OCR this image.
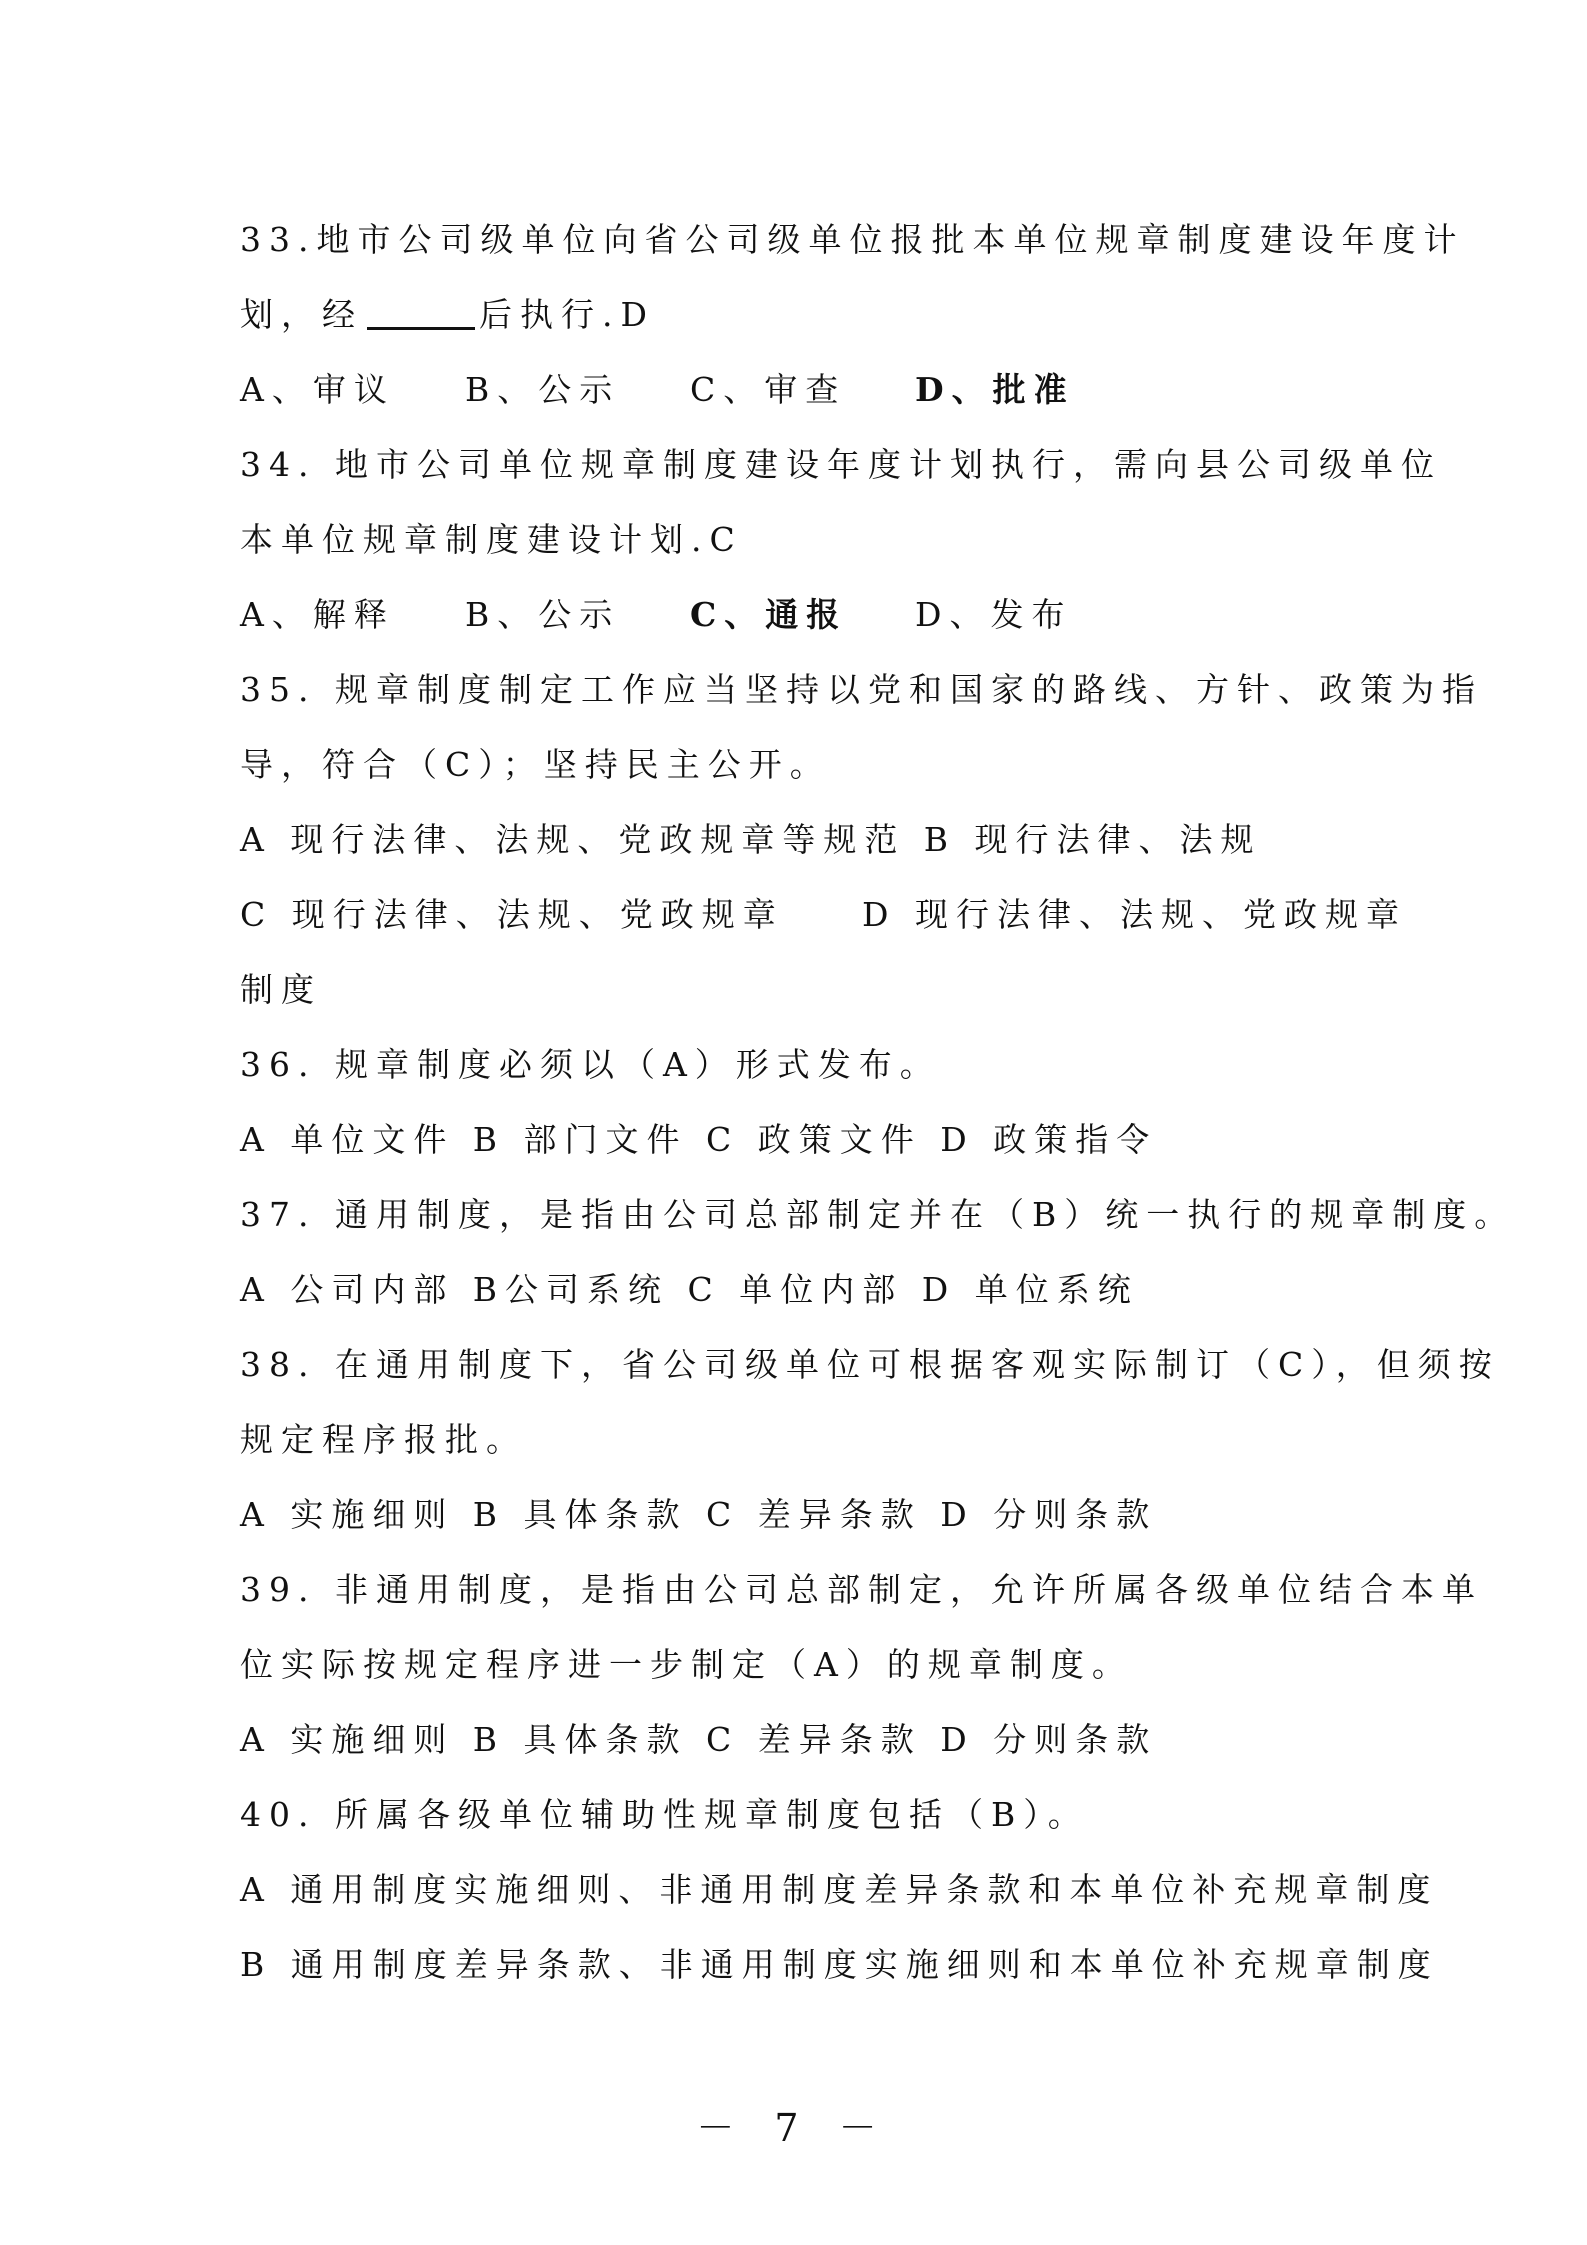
33.地市公司级单位向省公司级单位报批本单位规章制度建设年度计
划，经	后执行.D
A、审议 B、公示 C、审查 D、批准
34. 地市公司单位规章制度建设年度计划执行，需向县公司级单位
本单位规章制度建设计划.C
A、解释 B、公示 C、通报 D、发布
35. 规章制度制定工作应当坚持以党和国家的路线、方针、政策为指
导，符合（C）；坚持民主公开。
A 现行法律、法规、党政规章等规范 B 现行法律、法规
C 现行法律、法规、党政规章 D 现行法律、法规、党政规章
制度
36. 规章制度必须以（A）形式发布。
A 单位文件 B 部门文件 C 政策文件 D 政策指令
37. 通用制度，是指由公司总部制定并在（B）统一执行的规章制度。
A 公司内部 B公司系统 C 单位内部 D 单位系统
38. 在通用制度下，省公司级单位可根据客观实际制订（C），但须按
规定程序报批。
A 实施细则 B 具体条款 C 差异条款 D 分则条款
39. 非通用制度，是指由公司总部制定，允许所属各级单位结合本单
位实际按规定程序进一步制定（A）的规章制度。
A 实施细则 B 具体条款 C 差异条款 D 分则条款
40. 所属各级单位辅助性规章制度包括（B）。
A 通用制度实施细则、非通用制度差异条款和本单位补充规章制度
B 通用制度差异条款、非通用制度实施细则和本单位补充规章制度
－ 7 －
